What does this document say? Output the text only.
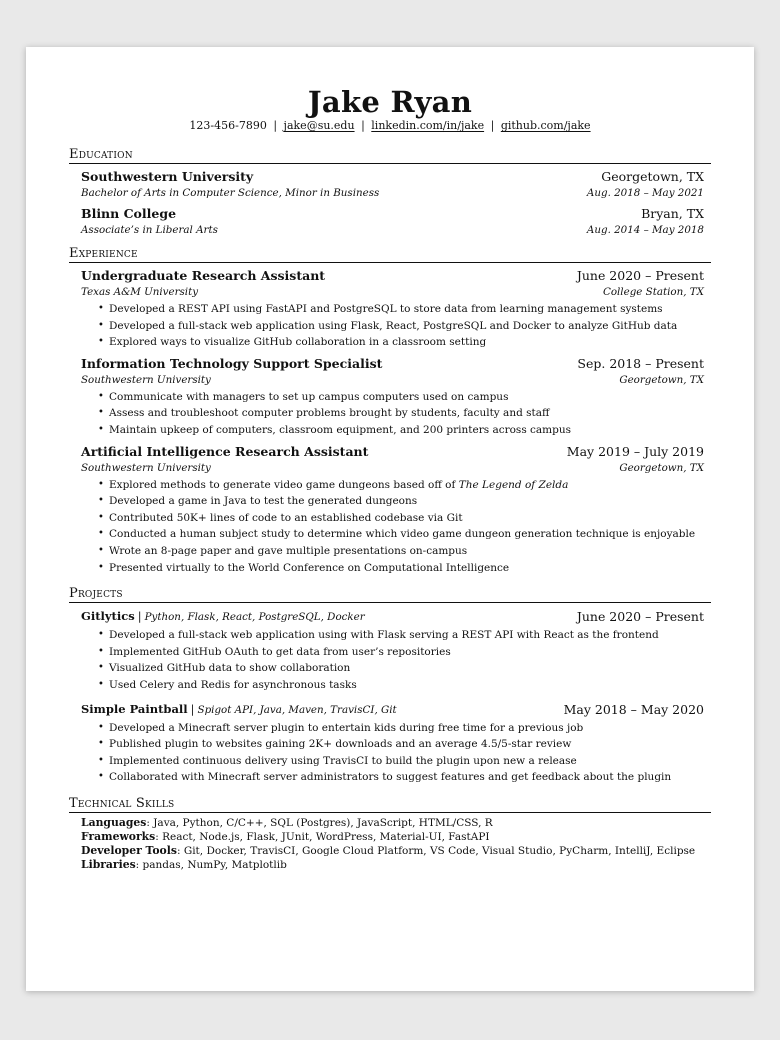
Jake Ryan
123-456-7890 | jake@su.edu | linkedin.com/in/jake | github.com/jake
Education
Southwestern University	Georgetown, TX
Bachelor of Arts in Computer Science, Minor in Business	Aug. 2018 – May 2021
Blinn College	Bryan, TX
Associate’s in Liberal Arts	Aug. 2014 – May 2018
Experience
Undergraduate Research Assistant	June 2020 – Present
Texas A&M University	College Station, TX
• Developed a REST API using FastAPI and PostgreSQL to store data from learning management systems
• Developed a full-stack web application using Flask, React, PostgreSQL and Docker to analyze GitHub data
• Explored ways to visualize GitHub collaboration in a classroom setting
Information Technology Support Specialist	Sep. 2018 – Present
Southwestern University	Georgetown, TX
• Communicate with managers to set up campus computers used on campus
• Assess and troubleshoot computer problems brought by students, faculty and staff
• Maintain upkeep of computers, classroom equipment, and 200 printers across campus
Artificial Intelligence Research Assistant	May 2019 – July 2019
Southwestern University	Georgetown, TX
• Explored methods to generate video game dungeons based off of The Legend of Zelda
• Developed a game in Java to test the generated dungeons
• Contributed 50K+ lines of code to an established codebase via Git
• Conducted a human subject study to determine which video game dungeon generation technique is enjoyable
• Wrote an 8-page paper and gave multiple presentations on-campus
• Presented virtually to the World Conference on Computational Intelligence
Projects
Gitlytics | Python, Flask, React, PostgreSQL, Docker	June 2020 – Present
• Developed a full-stack web application using with Flask serving a REST API with React as the frontend
• Implemented GitHub OAuth to get data from user’s repositories
• Visualized GitHub data to show collaboration
• Used Celery and Redis for asynchronous tasks
Simple Paintball | Spigot API, Java, Maven, TravisCI, Git	May 2018 – May 2020
• Developed a Minecraft server plugin to entertain kids during free time for a previous job
• Published plugin to websites gaining 2K+ downloads and an average 4.5/5-star review
• Implemented continuous delivery using TravisCI to build the plugin upon new a release
• Collaborated with Minecraft server administrators to suggest features and get feedback about the plugin
Technical Skills
Languages: Java, Python, C/C++, SQL (Postgres), JavaScript, HTML/CSS, R
Frameworks: React, Node.js, Flask, JUnit, WordPress, Material-UI, FastAPI
Developer Tools: Git, Docker, TravisCI, Google Cloud Platform, VS Code, Visual Studio, PyCharm, IntelliJ, Eclipse
Libraries: pandas, NumPy, Matplotlib
